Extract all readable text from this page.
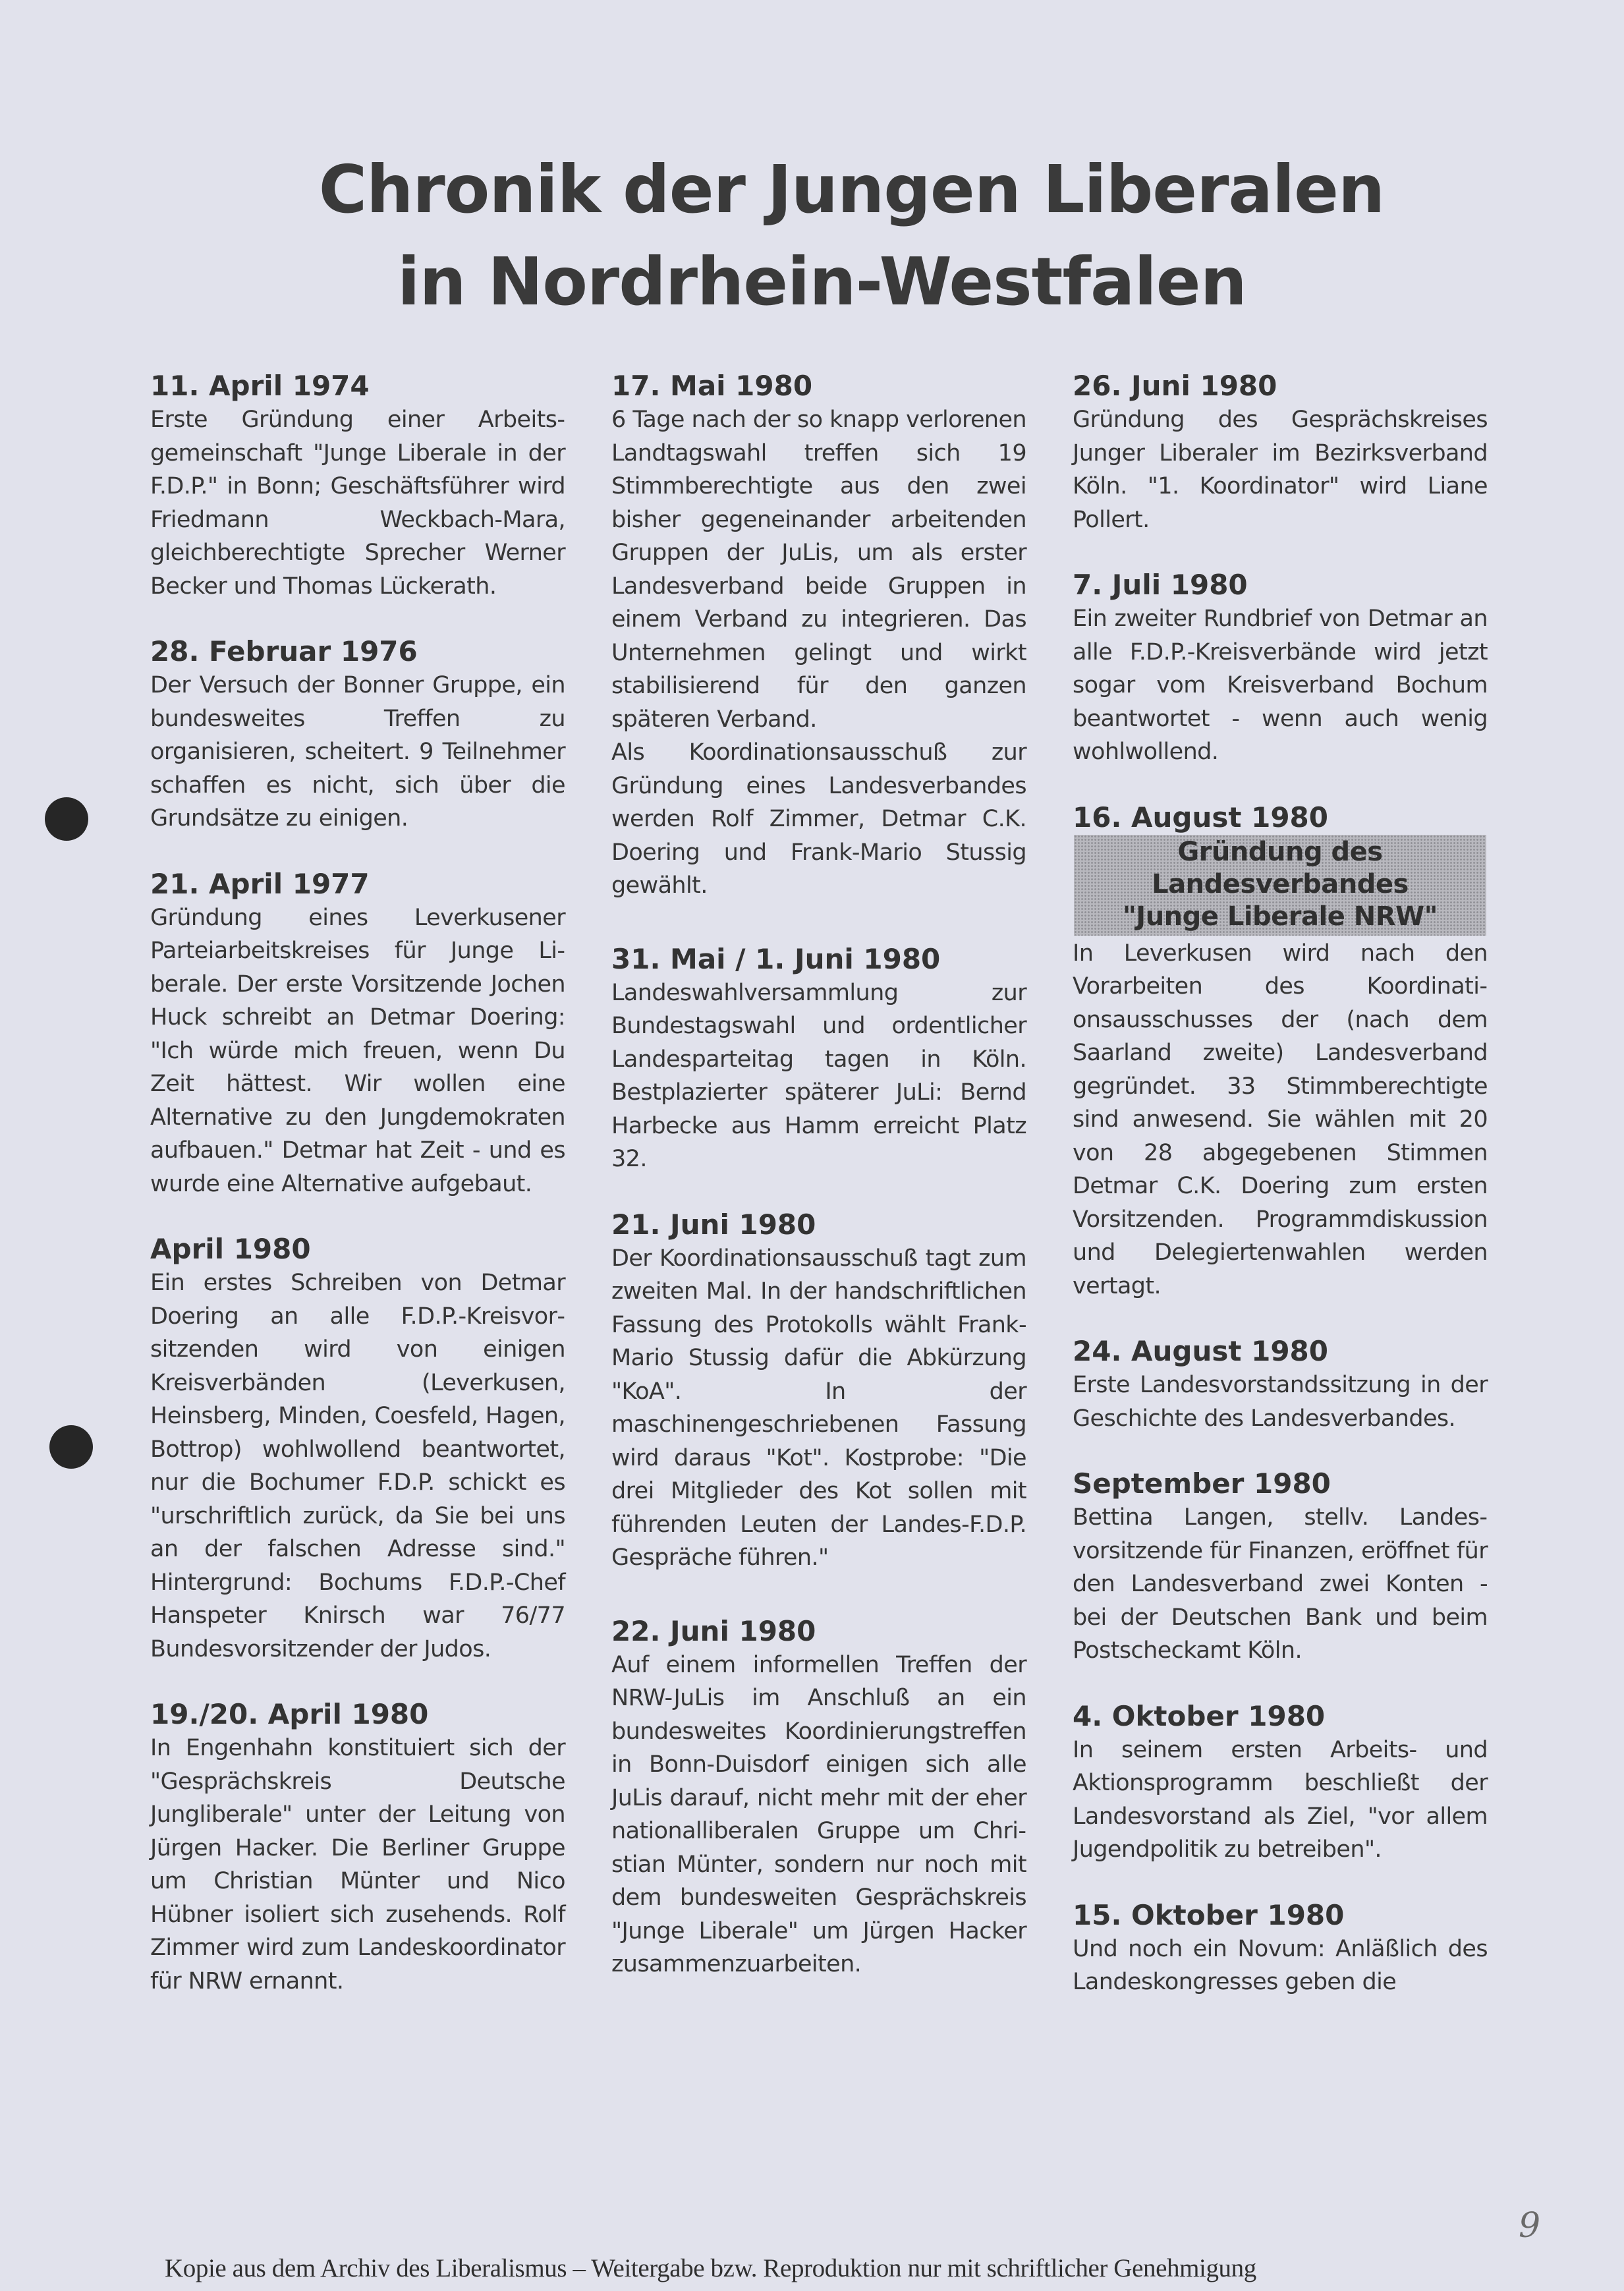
Chronik der Jungen Liberalen
in Nordrhein-Westfalen
11. April 1974
Erste Gründung einer Arbeitsgemeinschaft "Junge Liberale in der F.D.P." in Bonn; Geschäftsführer wird Friedmann Weckbach-Mara, gleichberechtigte Sprecher Werner Becker und Thomas Lückerath.
28. Februar 1976
Der Versuch der Bonner Gruppe, ein bundesweites Treffen zu organisieren, scheitert. 9 Teilnehmer schaffen es nicht, sich über die Grundsätze zu einigen.
21. April 1977
Gründung eines Leverkusener Parteiarbeitskreises für Junge Liberale. Der erste Vorsitzende Jochen Huck schreibt an Detmar Doering: "Ich würde mich freuen, wenn Du Zeit hättest. Wir wollen eine Alternative zu den Jungdemokraten aufbauen." Detmar hat Zeit - und es wurde eine Alternative aufgebaut.
April 1980
Ein erstes Schreiben von Detmar Doering an alle F.D.P.-Kreisvorsitzenden wird von einigen Kreisverbänden (Leverkusen, Heinsberg, Minden, Coesfeld, Hagen, Bottrop) wohlwollend beantwortet, nur die Bochumer F.D.P. schickt es "urschriftlich zurück, da Sie bei uns an der falschen Adresse sind." Hintergrund: Bochums F.D.P.-Chef Hanspeter Knirsch war 76/77 Bundesvorsitzender der Judos.
19./20. April 1980
In Engenhahn konstituiert sich der "Gesprächskreis Deutsche Jungliberale" unter der Leitung von Jürgen Hacker. Die Berliner Gruppe um Christian Münter und Nico Hübner isoliert sich zusehends. Rolf Zimmer wird zum Landeskoordinator für NRW ernannt.
17. Mai 1980
6 Tage nach der so knapp verlorenen Landtagswahl treffen sich 19 Stimmberechtigte aus den zwei bisher gegeneinander arbeitenden Gruppen der JuLis, um als erster Landesverband beide Gruppen in einem Verband zu integrieren. Das Unternehmen gelingt und wirkt stabilisierend für den ganzen späteren Verband.
Als Koordinationsausschuß zur Gründung eines Landesverbandes werden Rolf Zimmer, Detmar C.K. Doering und Frank-Mario Stussig gewählt.
31. Mai / 1. Juni 1980
Landeswahlversammlung zur Bundestagswahl und ordentlicher Landesparteitag tagen in Köln. Bestplazierter späterer JuLi: Bernd Harbecke aus Hamm erreicht Platz 32.
21. Juni 1980
Der Koordinationsausschuß tagt zum zweiten Mal. In der handschriftlichen Fassung des Protokolls wählt Frank-Mario Stussig dafür die Abkürzung "KoA". In der maschinengeschriebenen Fassung wird daraus "Kot". Kostprobe: "Die drei Mitglieder des Kot sollen mit führenden Leuten der Landes-F.D.P. Gespräche führen."
22. Juni 1980
Auf einem informellen Treffen der NRW-JuLis im Anschluß an ein bundesweites Koordinierungstreffen in Bonn-Duisdorf einigen sich alle JuLis darauf, nicht mehr mit der eher nationalliberalen Gruppe um Christian Münter, sondern nur noch mit dem bundesweiten Gesprächskreis "Junge Liberale" um Jürgen Hacker zusammenzuarbeiten.
26. Juni 1980
Gründung des Gesprächskreises Junger Liberaler im Bezirksverband Köln. "1. Koordinator" wird Liane Pollert.
7. Juli 1980
Ein zweiter Rundbrief von Detmar an alle F.D.P.-Kreisverbände wird jetzt sogar vom Kreisverband Bochum beantwortet - wenn auch wenig wohlwollend.
16. August 1980
Gründung des
Landesverbandes
"Junge Liberale NRW"
In Leverkusen wird nach den Vorarbeiten des Koordinationsausschusses der (nach dem Saarland zweite) Landesverband gegründet. 33 Stimmberechtigte sind anwesend. Sie wählen mit 20 von 28 abgegebenen Stimmen Detmar C.K. Doering zum ersten Vorsitzenden. Programmdiskussion und Delegiertenwahlen werden vertagt.
24. August 1980
Erste Landesvorstandssitzung in der Geschichte des Landesverbandes.
September 1980
Bettina Langen, stellv. Landesvorsitzende für Finanzen, eröffnet für den Landesverband zwei Konten - bei der Deutschen Bank und beim Postscheckamt Köln.
4. Oktober 1980
In seinem ersten Arbeits- und Aktionsprogramm beschließt der Landesvorstand als Ziel, "vor allem Jugendpolitik zu betreiben".
15. Oktober 1980
Und noch ein Novum: Anläßlich des Landeskongresses geben die
9
Kopie aus dem Archiv des Liberalismus – Weitergabe bzw. Reproduktion nur mit schriftlicher Genehmigung
